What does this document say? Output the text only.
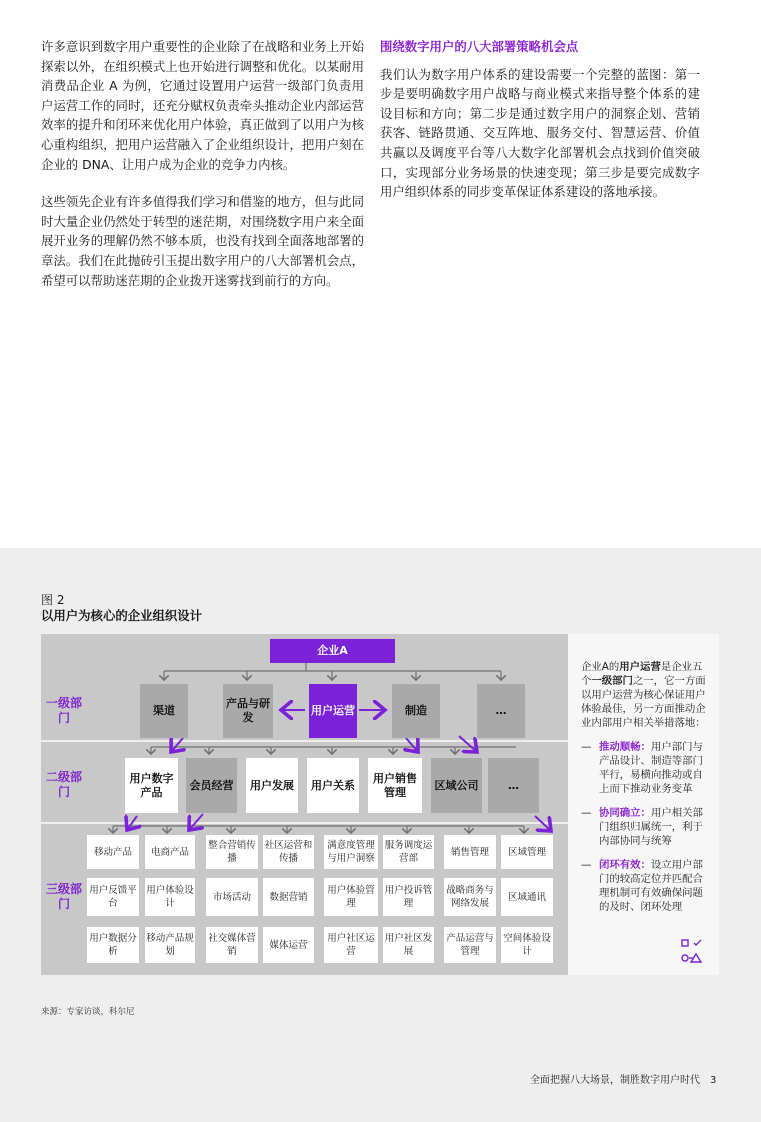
许多意识到数字用户重要性的企业除了在战略和业务上开始探索以外，在组织模式上也开始进行调整和优化。以某耐用消费品企业 A 为例，它通过设置用户运营一级部门负责用户运营工作的同时，还充分赋权负责牵头推动企业内部运营效率的提升和闭环来优化用户体验，真正做到了以用户为核心重构组织，把用户运营融入了企业组织设计，把用户刻在企业的 DNA、让用户成为企业的竞争力内核。

这些领先企业有许多值得我们学习和借鉴的地方，但与此同时大量企业仍然处于转型的迷茫期，对围绕数字用户来全面展开业务的理解仍然不够本质，也没有找到全面落地部署的章法。我们在此抛砖引玉提出数字用户的八大部署机会点，希望可以帮助迷茫期的企业拨开迷雾找到前行的方向。

围绕数字用户的八大部署策略机会点

我们认为数字用户体系的建设需要一个完整的蓝图：第一步是要明确数字用户战略与商业模式来指导整个体系的建设目标和方向；第二步是通过数字用户的洞察企划、营销获客、链路贯通、交互阵地、服务交付、智慧运营、价值共赢以及调度平台等八大数字化部署机会点找到价值突破口，实现部分业务场景的快速变现；第三步是要完成数字用户组织体系的同步变革保证体系建设的落地承接。

图 2
以用户为核心的企业组织设计
企业A
一级部门
二级部门
三级部门
渠道
产品与研发
用户运营	制造	…
用户数字产品
会员经营	用户发展	用户关系
用户销售管理
区域公司	…
移动产品	电商产品
整合营销传播
社区运营和传播
满意度管理与用户洞察
服务调度运营部
销售管理	区域管理
用户反馈平台
用户体验设计
市场活动	数据营销
用户体验管理
用户投诉管理
战略商务与网络发展
区域通讯
用户数据分析
移动产品规划
社交媒体营销
媒体运营
用户社区运营
用户社区发展
产品运营与管理
空间体验设计
企业A的用户运营是企业五个一级部门之一，它一方面以用户运营为核心保证用户体验最佳，另一方面推动企业内部用户相关举措落地：
— 推动顺畅：用户部门与产品设计、制造等部门平行，易横向推动或自上而下推动业务变革
— 协同确立：用户相关部门组织归属统一，利于内部协同与统筹
— 闭环有效：设立用户部门的较高定位并匹配合理机制可有效确保问题的及时、闭环处理
来源：专家访谈，科尔尼
全面把握八大场景，制胜数字用户时代 3
